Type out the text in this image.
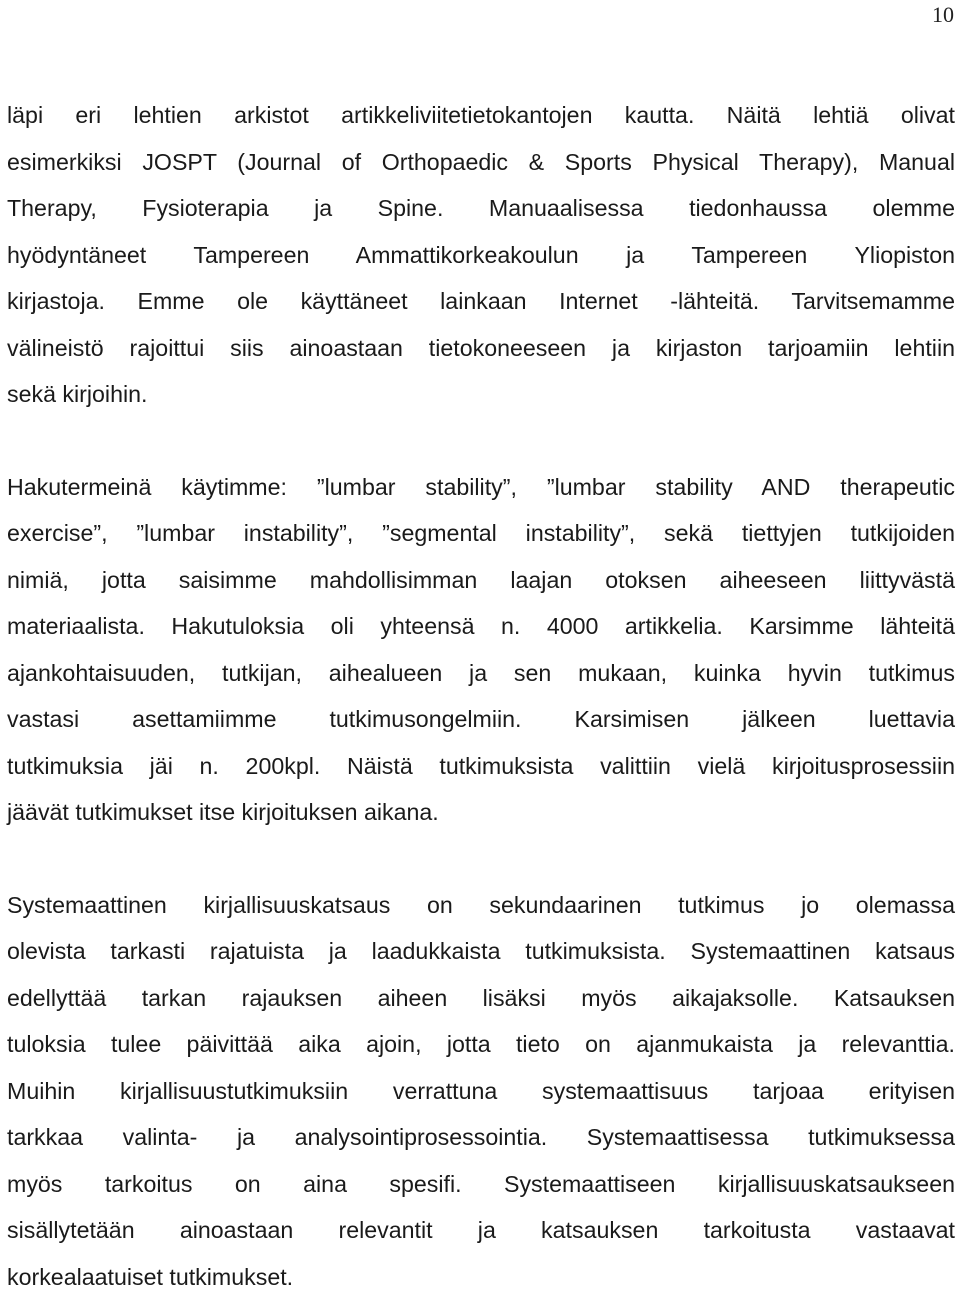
10
läpi eri lehtien arkistot artikkeliviitetietokantojen kautta. Näitä lehtiä olivat
esimerkiksi JOSPT (Journal of Orthopaedic & Sports Physical Therapy), Manual
Therapy, Fysioterapia ja Spine. Manuaalisessa tiedonhaussa olemme
hyödyntäneet Tampereen Ammattikorkeakoulun ja Tampereen Yliopiston
kirjastoja. Emme ole käyttäneet lainkaan Internet -lähteitä. Tarvitsemamme
välineistö rajoittui siis ainoastaan tietokoneeseen ja kirjaston tarjoamiin lehtiin
sekä kirjoihin.
Hakutermeinä käytimme: ”lumbar stability”, ”lumbar stability AND therapeutic
exercise”, ”lumbar instability”, ”segmental instability”, sekä tiettyjen tutkijoiden
nimiä, jotta saisimme mahdollisimman laajan otoksen aiheeseen liittyvästä
materiaalista. Hakutuloksia oli yhteensä n. 4000 artikkelia. Karsimme lähteitä
ajankohtaisuuden, tutkijan, aihealueen ja sen mukaan, kuinka hyvin tutkimus
vastasi asettamiimme tutkimusongelmiin. Karsimisen jälkeen luettavia
tutkimuksia jäi n. 200kpl. Näistä tutkimuksista valittiin vielä kirjoitusprosessiin
jäävät tutkimukset itse kirjoituksen aikana.
Systemaattinen kirjallisuuskatsaus on sekundaarinen tutkimus jo olemassa
olevista tarkasti rajatuista ja laadukkaista tutkimuksista. Systemaattinen katsaus
edellyttää tarkan rajauksen aiheen lisäksi myös aikajaksolle. Katsauksen
tuloksia tulee päivittää aika ajoin, jotta tieto on ajanmukaista ja relevanttia.
Muihin kirjallisuustutkimuksiin verrattuna systemaattisuus tarjoaa erityisen
tarkkaa valinta- ja analysointiprosessointia. Systemaattisessa tutkimuksessa
myös tarkoitus on aina spesifi. Systemaattiseen kirjallisuuskatsaukseen
sisällytetään ainoastaan relevantit ja katsauksen tarkoitusta vastaavat
korkealaatuiset tutkimukset.
